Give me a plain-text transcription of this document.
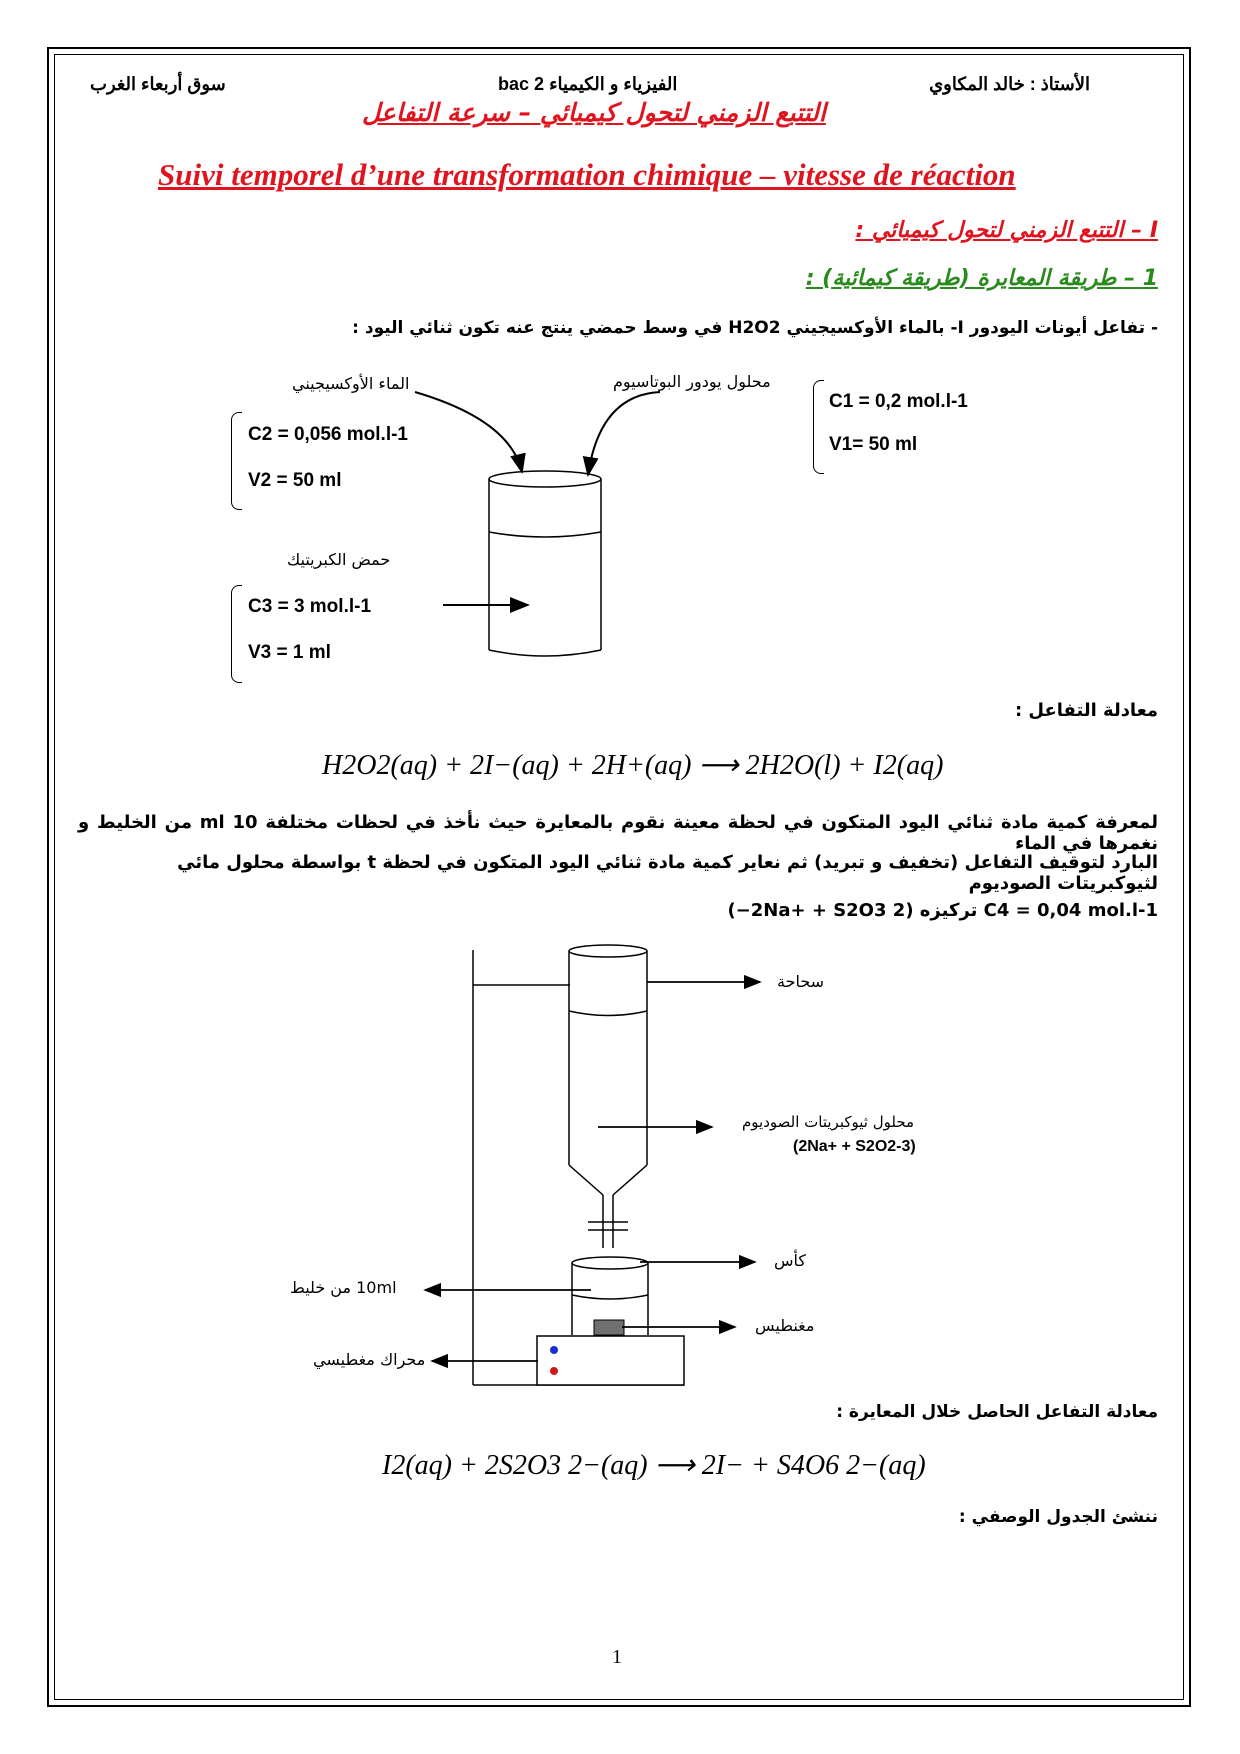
الأستاذ : خالد المكاوي
الفيزياء و الكيمياء 2 bac
سوق أربعاء الغرب
التتبع الزمني لتحول كيميائي – سرعة التفاعل
Suivi temporel d’une transformation chimique – vitesse de réaction
I – التتبع الزمني لتحول كيميائي :
1 – طريقة المعايرة (طريقة كيمائية) :
- تفاعل أيونات اليودور I- بالماء الأوكسيجيني H2O2 في وسط حمضي ينتج عنه تكون ثنائي اليود :
الماء الأوكسيجيني	محلول يودور البوتاسيوم
حمض الكبريتيك
C2 = 0,056 mol.l-1
V2 = 50 ml
C1 = 0,2 mol.l-1
V1= 50 ml
C3 = 3 mol.l-1
V3 = 1 ml
معادلة التفاعل :
H2O2(aq) + 2I−(aq) + 2H+(aq) ⟶ 2H2O(l) + I2(aq)
لمعرفة كمية مادة ثنائي اليود المتكون في لحظة معينة نقوم بالمعايرة حيث نأخذ في لحظات مختلفة 10 ml من الخليط و نغمرها في الماء
البارد لتوقيف التفاعل (تخفيف و تبريد) ثم نعاير كمية مادة ثنائي اليود المتكون في لحظة t بواسطة محلول مائي لثيوكبريتات الصوديوم
C4 = 0,04 mol.l-1 تركيزه (2Na+ + S2O3 2−)
سحاحة
محلول ثيوكبريتات الصوديوم
(2Na+ + S2O2-3)
كأس
10ml من خليط
مغنطيس
محراك مغطيسي
معادلة التفاعل الحاصل خلال المعايرة :
I2(aq) + 2S2O3 2−(aq) ⟶ 2I− + S4O6 2−(aq)
ننشئ الجدول الوصفي :
1
